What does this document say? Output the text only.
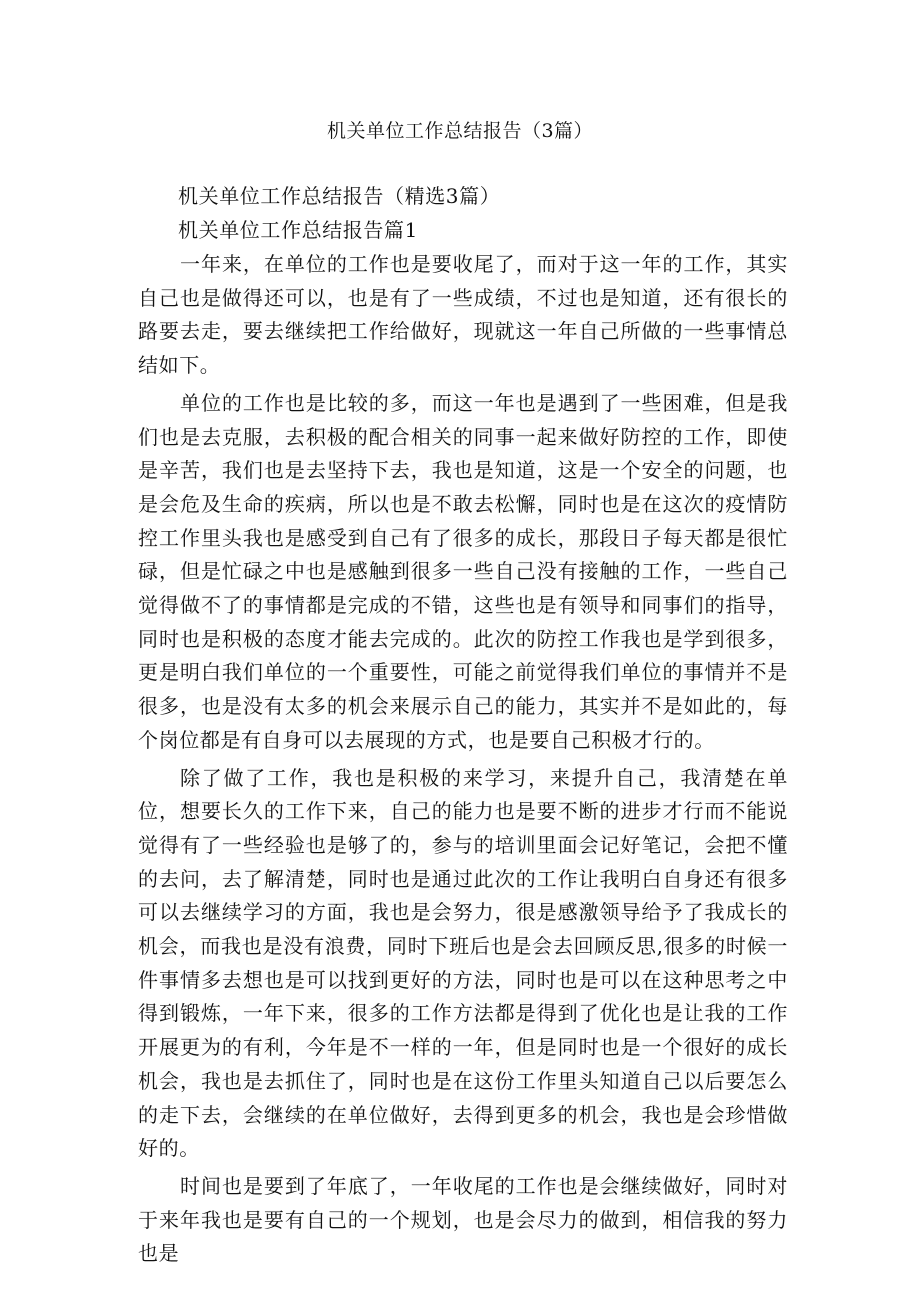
机关单位工作总结报告（3篇）

机关单位工作总结报告（精选3篇）

机关单位工作总结报告篇1

一年来，在单位的工作也是要收尾了，而对于这一年的工作，其实自己也是做得还可以，也是有了一些成绩，不过也是知道，还有很长的路要去走，要去继续把工作给做好，现就这一年自己所做的一些事情总结如下。

单位的工作也是比较的多，而这一年也是遇到了一些困难，但是我们也是去克服，去积极的配合相关的同事一起来做好防控的工作，即使是辛苦，我们也是去坚持下去，我也是知道，这是一个安全的问题，也是会危及生命的疾病，所以也是不敢去松懈，同时也是在这次的疫情防控工作里头我也是感受到自己有了很多的成长，那段日子每天都是很忙碌，但是忙碌之中也是感触到很多一些自己没有接触的工作，一些自己觉得做不了的事情都是完成的不错，这些也是有领导和同事们的指导，同时也是积极的态度才能去完成的。此次的防控工作我也是学到很多，更是明白我们单位的一个重要性，可能之前觉得我们单位的事情并不是很多，也是没有太多的机会来展示自己的能力，其实并不是如此的，每个岗位都是有自身可以去展现的方式，也是要自己积极才行的。

除了做了工作，我也是积极的来学习，来提升自己，我清楚在单位，想要长久的工作下来，自己的能力也是要不断的进步才行而不能说觉得有了一些经验也是够了的，参与的培训里面会记好笔记，会把不懂的去问，去了解清楚，同时也是通过此次的工作让我明白自身还有很多可以去继续学习的方面，我也是会努力，很是感激领导给予了我成长的机会，而我也是没有浪费，同时下班后也是会去回顾反思,很多的时候一件事情多去想也是可以找到更好的方法，同时也是可以在这种思考之中得到锻炼，一年下来，很多的工作方法都是得到了优化也是让我的工作开展更为的有利，今年是不一样的一年，但是同时也是一个很好的成长机会，我也是去抓住了，同时也是在这份工作里头知道自己以后要怎么的走下去，会继续的在单位做好，去得到更多的机会，我也是会珍惜做好的。

时间也是要到了年底了，一年收尾的工作也是会继续做好，同时对于来年我也是要有自己的一个规划，也是会尽力的做到，相信我的努力也是
